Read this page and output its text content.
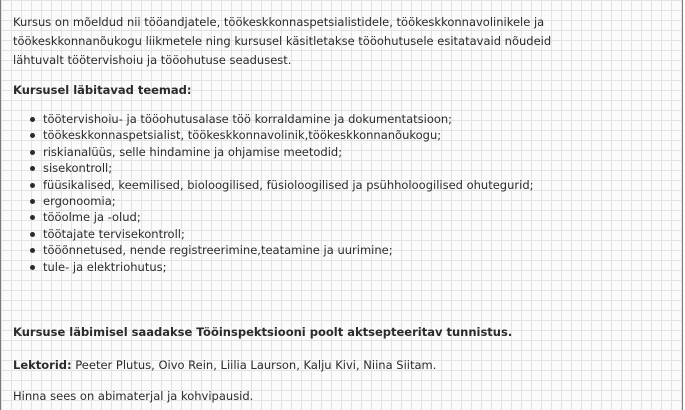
Kursus on mõeldud nii tööandjatele, töökeskkonnaspetsialistidele, töökeskkonnavolinikele ja
töökeskkonnanõukogu liikmetele ning kursusel käsitletakse tööohutusele esitatavaid nõudeid
lähtuvalt töötervishoiu ja tööohutuse seadusest.

Kursusel läbitavad teemad:
töötervishoiu- ja tööohutusalase töö korraldamine ja dokumentatsioon;
töökeskkonnaspetsialist, töökeskkonnavolinik,töökeskkonnanõukogu;
riskianalüüs, selle hindamine ja ohjamise meetodid;
sisekontroll;
füüsikalised, keemilised, bioloogilised, füsioloogilised ja psühholoogilised ohutegurid;
ergonoomia;
tööolme ja -olud;
töötajate tervisekontroll;
tööõnnetused, nende registreerimine,teatamine ja uurimine;
tule- ja elektriohutus;
Kursuse läbimisel saadakse Tööinspektsiooni poolt aktsepteeritav tunnistus.
Lektorid: Peeter Plutus, Oivo Rein, Liilia Laurson, Kalju Kivi, Niina Siitam.
Hinna sees on abimaterjal ja kohvipausid.
